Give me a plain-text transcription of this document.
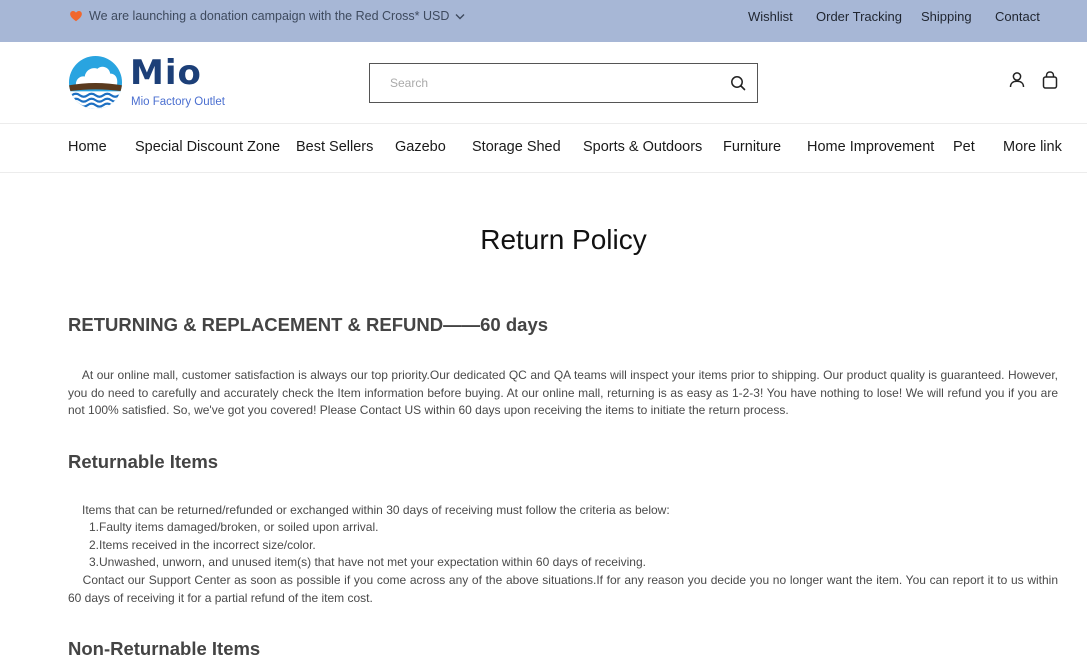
We are launching a donation campaign with the Red Cross* USD	Wishlist Order Tracking Shipping Contact
Mio
Mio Factory Outlet
Search
Home Special Discount Zone Best Sellers Gazebo Storage Shed Sports & Outdoors Furniture Home Improvement Pet More link
Return Policy
RETURNING & REPLACEMENT & REFUND——60 days

At our online mall, customer satisfaction is always our top priority.Our dedicated QC and QA teams will inspect your items prior to shipping. Our product quality is guaranteed. However, you do need to carefully and accurately check the Item information before buying. At our online mall, returning is as easy as 1-2-3! You have nothing to lose! We will refund you if you are not 100% satisfied. So, we've got you covered! Please Contact US within 60 days upon receiving the items to initiate the return process.

Returnable Items
Items that can be returned/refunded or exchanged within 30 days of receiving must follow the criteria as below:
1.Faulty items damaged/broken, or soiled upon arrival.
2.Items received in the incorrect size/color.
3.Unwashed, unworn, and unused item(s) that have not met your expectation within 60 days of receiving.

Contact our Support Center as soon as possible if you come across any of the above situations.If for any reason you decide you no longer want the item. You can report it to us within 60 days of receiving it for a partial refund of the item cost.

Non-Returnable Items
